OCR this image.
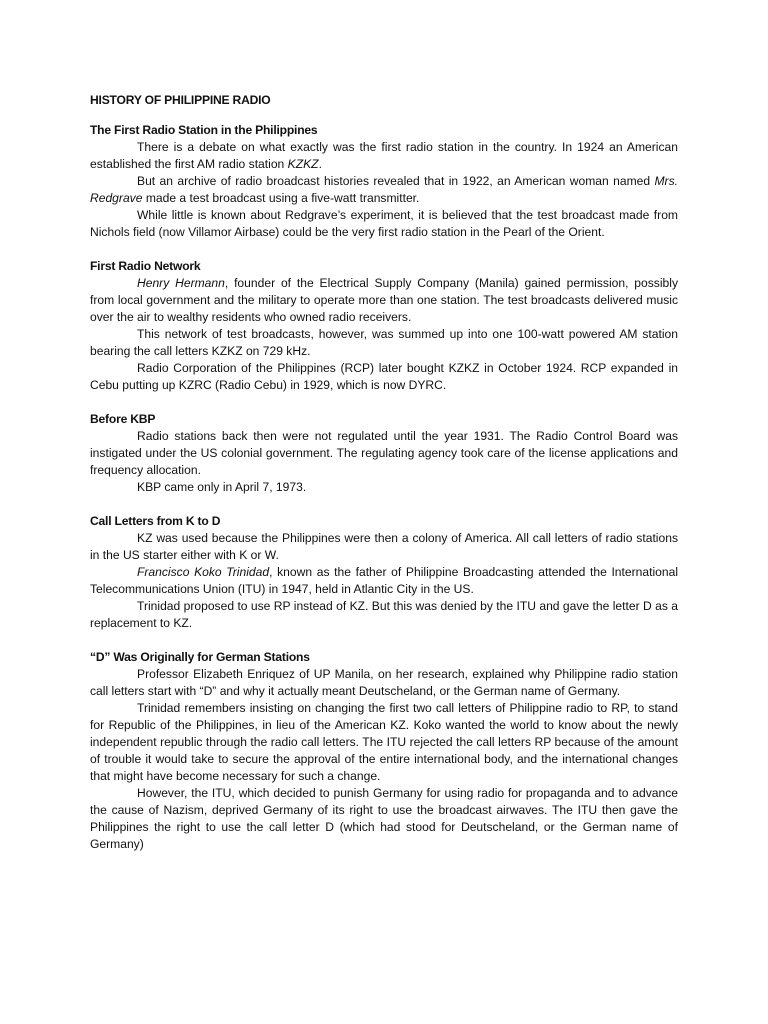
HISTORY OF PHILIPPINE RADIO
The First Radio Station in the Philippines

There is a debate on what exactly was the first radio station in the country. In 1924 an American established the first AM radio station KZKZ.

But an archive of radio broadcast histories revealed that in 1922, an American woman named Mrs. Redgrave made a test broadcast using a five-watt transmitter.

While little is known about Redgrave’s experiment, it is believed that the test broadcast made from Nichols field (now Villamor Airbase) could be the very first radio station in the Pearl of the Orient.

First Radio Network

Henry Hermann, founder of the Electrical Supply Company (Manila) gained permission, possibly from local government and the military to operate more than one station. The test broadcasts delivered music over the air to wealthy residents who owned radio receivers.

This network of test broadcasts, however, was summed up into one 100-watt powered AM station bearing the call letters KZKZ on 729 kHz.

Radio Corporation of the Philippines (RCP) later bought KZKZ in October 1924. RCP expanded in Cebu putting up KZRC (Radio Cebu) in 1929, which is now DYRC.

Before KBP

Radio stations back then were not regulated until the year 1931. The Radio Control Board was instigated under the US colonial government. The regulating agency took care of the license applications and frequency allocation.

KBP came only in April 7, 1973.

Call Letters from K to D

KZ was used because the Philippines were then a colony of America. All call letters of radio stations in the US starter either with K or W.

Francisco Koko Trinidad, known as the father of Philippine Broadcasting attended the International Telecommunications Union (ITU) in 1947, held in Atlantic City in the US.

Trinidad proposed to use RP instead of KZ. But this was denied by the ITU and gave the letter D as a replacement to KZ.

“D” Was Originally for German Stations

Professor Elizabeth Enriquez of UP Manila, on her research, explained why Philippine radio station call letters start with “D” and why it actually meant Deutscheland, or the German name of Germany.

Trinidad remembers insisting on changing the first two call letters of Philippine radio to RP, to stand for Republic of the Philippines, in lieu of the American KZ. Koko wanted the world to know about the newly independent republic through the radio call letters. The ITU rejected the call letters RP because of the amount of trouble it would take to secure the approval of the entire international body, and the international changes that might have become necessary for such a change.

However, the ITU, which decided to punish Germany for using radio for propaganda and to advance the cause of Nazism, deprived Germany of its right to use the broadcast airwaves. The ITU then gave the Philippines the right to use the call letter D (which had stood for Deutscheland, or the German name of Germany)
